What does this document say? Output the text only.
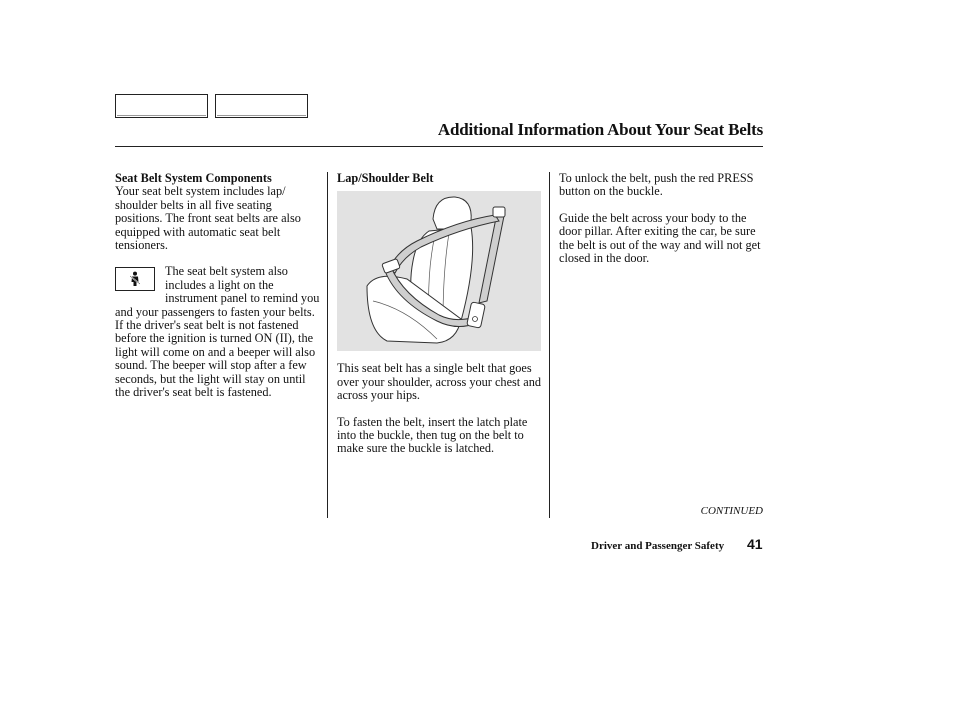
Additional Information About Your Seat Belts

Seat Belt System Components

Your seat belt system includes lap/ shoulder belts in all five seating positions. The front seat belts are also equipped with automatic seat belt tensioners.

The seat belt system also includes a light on the instrument panel to remind you and your passengers to fasten your belts. If the driver's seat belt is not fastened before the ignition is turned ON (II), the light will come on and a beeper will also sound. The beeper will stop after a few seconds, but the light will stay on until the driver's seat belt is fastened.

Lap/Shoulder Belt

This seat belt has a single belt that goes over your shoulder, across your chest and across your hips.

To fasten the belt, insert the latch plate into the buckle, then tug on the belt to make sure the buckle is latched.

To unlock the belt, push the red PRESS button on the buckle.

Guide the belt across your body to the door pillar. After exiting the car, be sure the belt is out of the way and will not get closed in the door.

CONTINUED
Driver and Passenger Safety 41
